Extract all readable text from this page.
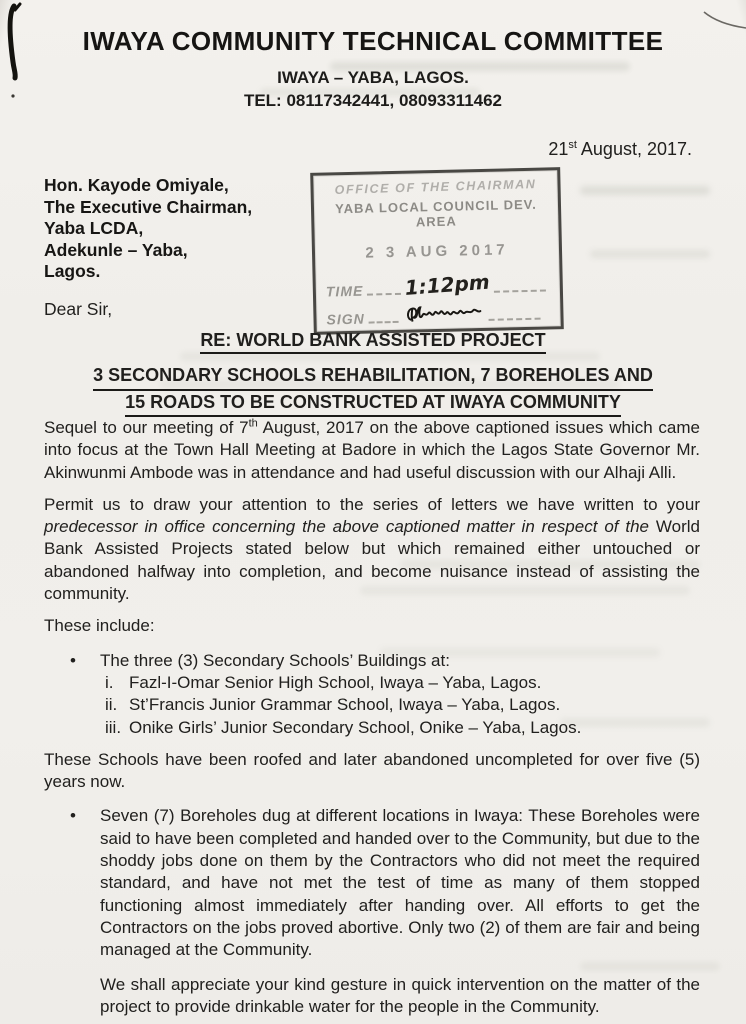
IWAYA COMMUNITY TECHNICAL COMMITTEE
IWAYA – YABA, LAGOS.
TEL: 08117342441, 08093311462
21st August, 2017.
Hon. Kayode Omiyale,
The Executive Chairman,
Yaba LCDA,
Adekunle – Yaba,
Lagos.
OFFICE OF THE CHAIRMAN
YABA LOCAL COUNCIL DEV. AREA
2 3 AUG 2017
TIME 1:12pm
SIGN
Dear Sir,
RE: WORLD BANK ASSISTED PROJECT
3 SECONDARY SCHOOLS REHABILITATION, 7 BOREHOLES AND
15 ROADS TO BE CONSTRUCTED AT IWAYA COMMUNITY

Sequel to our meeting of 7th August, 2017 on the above captioned issues which came into focus at the Town Hall Meeting at Badore in which the Lagos State Governor Mr. Akinwunmi Ambode was in attendance and had useful discussion with our Alhaji Alli.

Permit us to draw your attention to the series of letters we have written to your predecessor in office concerning the above captioned matter in respect of the World Bank Assisted Projects stated below but which remained either untouched or abandoned halfway into completion, and become nuisance instead of assisting the community.

These include:

•	The three (3) Secondary Schools’ Buildings at:
i. Fazl-I-Omar Senior High School, Iwaya – Yaba, Lagos.
ii. St’Francis Junior Grammar School, Iwaya – Yaba, Lagos.
iii. Onike Girls’ Junior Secondary School, Onike – Yaba, Lagos.

These Schools have been roofed and later abandoned uncompleted for over five (5) years now.

•	Seven (7) Boreholes dug at different locations in Iwaya: These Boreholes were said to have been completed and handed over to the Community, but due to the shoddy jobs done on them by the Contractors who did not meet the required standard, and have not met the test of time as many of them stopped functioning almost immediately after handing over. All efforts to get the Contractors on the jobs proved abortive. Only two (2) of them are fair and being managed at the Community.

We shall appreciate your kind gesture in quick intervention on the matter of the project to provide drinkable water for the people in the Community.
